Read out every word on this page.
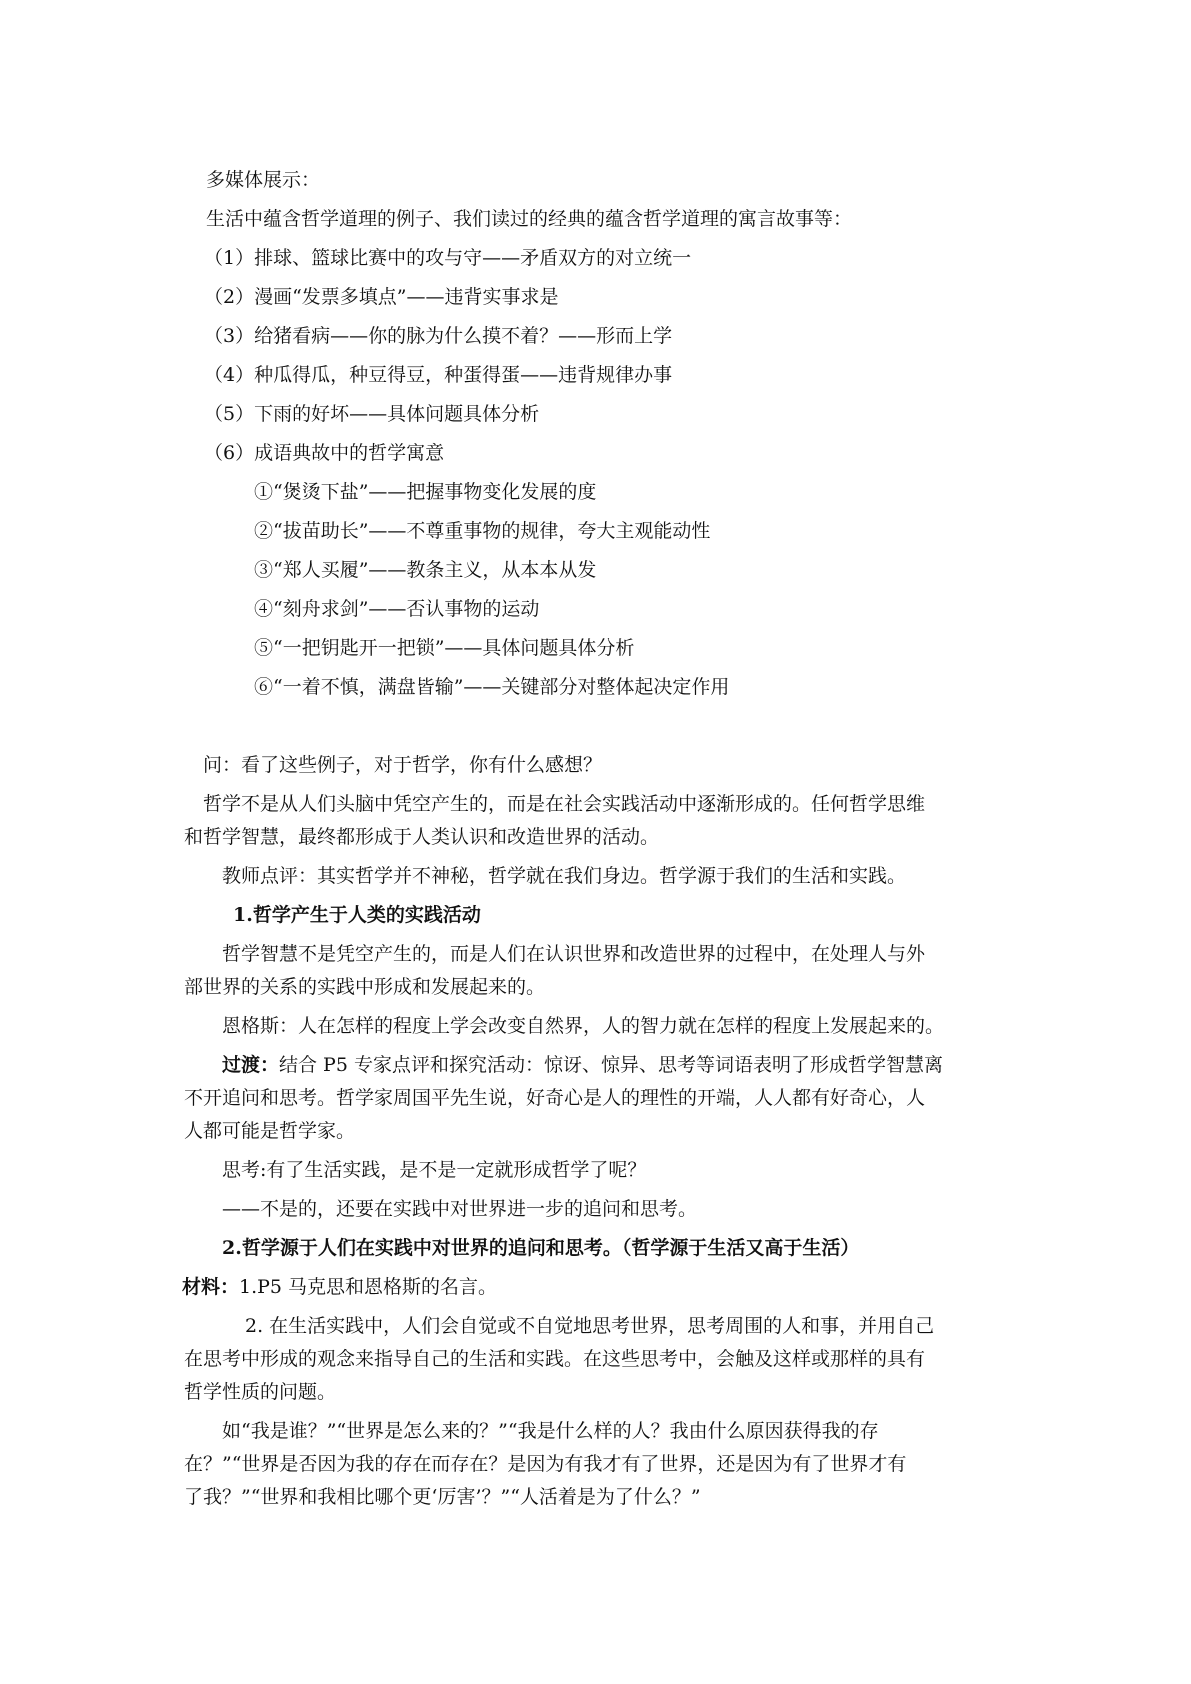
多媒体展示：
生活中蕴含哲学道理的例子、我们读过的经典的蕴含哲学道理的寓言故事等：
（1）排球、篮球比赛中的攻与守——矛盾双方的对立统一
（2）漫画“发票多填点”——违背实事求是
（3）给猪看病——你的脉为什么摸不着？——形而上学
（4）种瓜得瓜，种豆得豆，种蛋得蛋——违背规律办事
（5）下雨的好坏——具体问题具体分析
（6）成语典故中的哲学寓意
①“煲烫下盐”——把握事物变化发展的度
②“拔苗助长”——不尊重事物的规律，夸大主观能动性
③“郑人买履”——教条主义，从本本从发
④“刻舟求剑”——否认事物的运动
⑤“一把钥匙开一把锁”——具体问题具体分析
⑥“一着不慎，满盘皆输”——关键部分对整体起决定作用
问：看了这些例子，对于哲学，你有什么感想？
哲学不是从人们头脑中凭空产生的，而是在社会实践活动中逐渐形成的。任何哲学思维
和哲学智慧，最终都形成于人类认识和改造世界的活动。
教师点评：其实哲学并不神秘，哲学就在我们身边。哲学源于我们的生活和实践。
1.哲学产生于人类的实践活动
哲学智慧不是凭空产生的，而是人们在认识世界和改造世界的过程中，在处理人与外
部世界的关系的实践中形成和发展起来的。
恩格斯：人在怎样的程度上学会改变自然界，人的智力就在怎样的程度上发展起来的。
过渡：结合 P5 专家点评和探究活动：惊讶、惊异、思考等词语表明了形成哲学智慧离
不开追问和思考。哲学家周国平先生说，好奇心是人的理性的开端，人人都有好奇心，人
人都可能是哲学家。
思考:有了生活实践，是不是一定就形成哲学了呢？
——不是的，还要在实践中对世界进一步的追问和思考。
2.哲学源于人们在实践中对世界的追问和思考。（哲学源于生活又高于生活）
材料：1.P5 马克思和恩格斯的名言。
2. 在生活实践中，人们会自觉或不自觉地思考世界，思考周围的人和事，并用自己
在思考中形成的观念来指导自己的生活和实践。在这些思考中，会触及这样或那样的具有
哲学性质的问题。
如“我是谁？”“世界是怎么来的？”“我是什么样的人？我由什么原因获得我的存
在？”“世界是否因为我的存在而存在？是因为有我才有了世界，还是因为有了世界才有
了我？”“世界和我相比哪个更‘厉害’？”“人活着是为了什么？”
